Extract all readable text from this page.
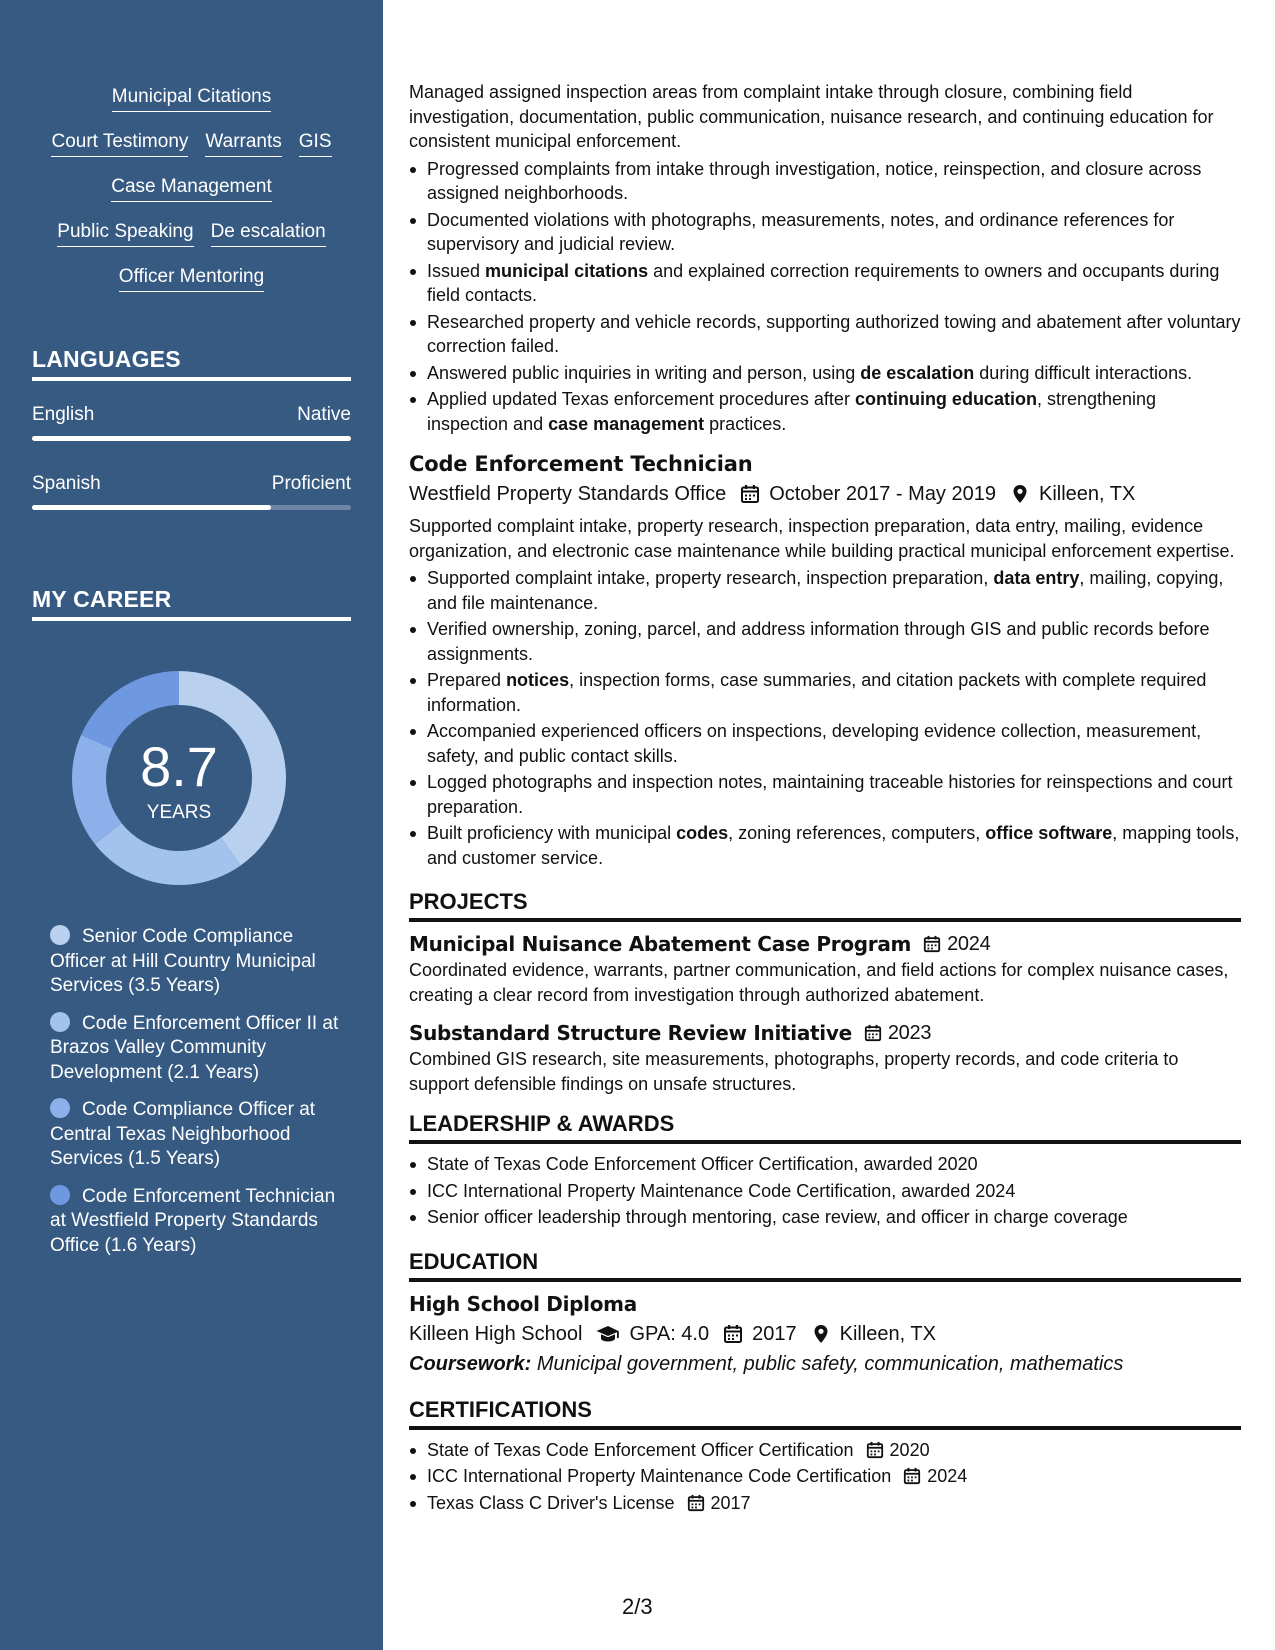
Municipal Citations
Court Testimony Warrants GIS
Case Management
Public Speaking De escalation
Officer Mentoring
LANGUAGES
English	Native
Spanish	Proficient
MY CAREER
8.7
YEARS
Senior Code Compliance Officer at Hill Country Municipal Services (3.5 Years)
Code Enforcement Officer II at Brazos Valley Community Development (2.1 Years)
Code Compliance Officer at Central Texas Neighborhood Services (1.5 Years)
Code Enforcement Technician at Westfield Property Standards Office (1.6 Years)

Managed assigned inspection areas from complaint intake through closure, combining field investigation, documentation, public communication, nuisance research, and continuing education for consistent municipal enforcement.

Progressed complaints from intake through investigation, notice, reinspection, and closure across assigned neighborhoods.
Documented violations with photographs, measurements, notes, and ordinance references for supervisory and judicial review.
Issued municipal citations and explained correction requirements to owners and occupants during field contacts.
Researched property and vehicle records, supporting authorized towing and abatement after voluntary correction failed.
Answered public inquiries in writing and person, using de escalation during difficult interactions.
Applied updated Texas enforcement procedures after continuing education, strengthening inspection and case management practices.
Code Enforcement Technician
Westfield Property Standards Office October 2017 - May 2019 Killeen, TX

Supported complaint intake, property research, inspection preparation, data entry, mailing, evidence organization, and electronic case maintenance while building practical municipal enforcement expertise.

Supported complaint intake, property research, inspection preparation, data entry, mailing, copying, and file maintenance.
Verified ownership, zoning, parcel, and address information through GIS and public records before assignments.
Prepared notices, inspection forms, case summaries, and citation packets with complete required information.
Accompanied experienced officers on inspections, developing evidence collection, measurement, safety, and public contact skills.
Logged photographs and inspection notes, maintaining traceable histories for reinspections and court preparation.
Built proficiency with municipal codes, zoning references, computers, office software, mapping tools, and customer service.
PROJECTS
Municipal Nuisance Abatement Case Program 2024

Coordinated evidence, warrants, partner communication, and field actions for complex nuisance cases, creating a clear record from investigation through authorized abatement.

Substandard Structure Review Initiative 2023

Combined GIS research, site measurements, photographs, property records, and code criteria to support defensible findings on unsafe structures.

LEADERSHIP & AWARDS
State of Texas Code Enforcement Officer Certification, awarded 2020
ICC International Property Maintenance Code Certification, awarded 2024
Senior officer leadership through mentoring, case review, and officer in charge coverage
EDUCATION
High School Diploma
Killeen High School GPA: 4.0 2017 Killeen, TX
Coursework: Municipal government, public safety, communication, mathematics
CERTIFICATIONS
State of Texas Code Enforcement Officer Certification 2020
ICC International Property Maintenance Code Certification 2024
Texas Class C Driver's License 2017
2/3
